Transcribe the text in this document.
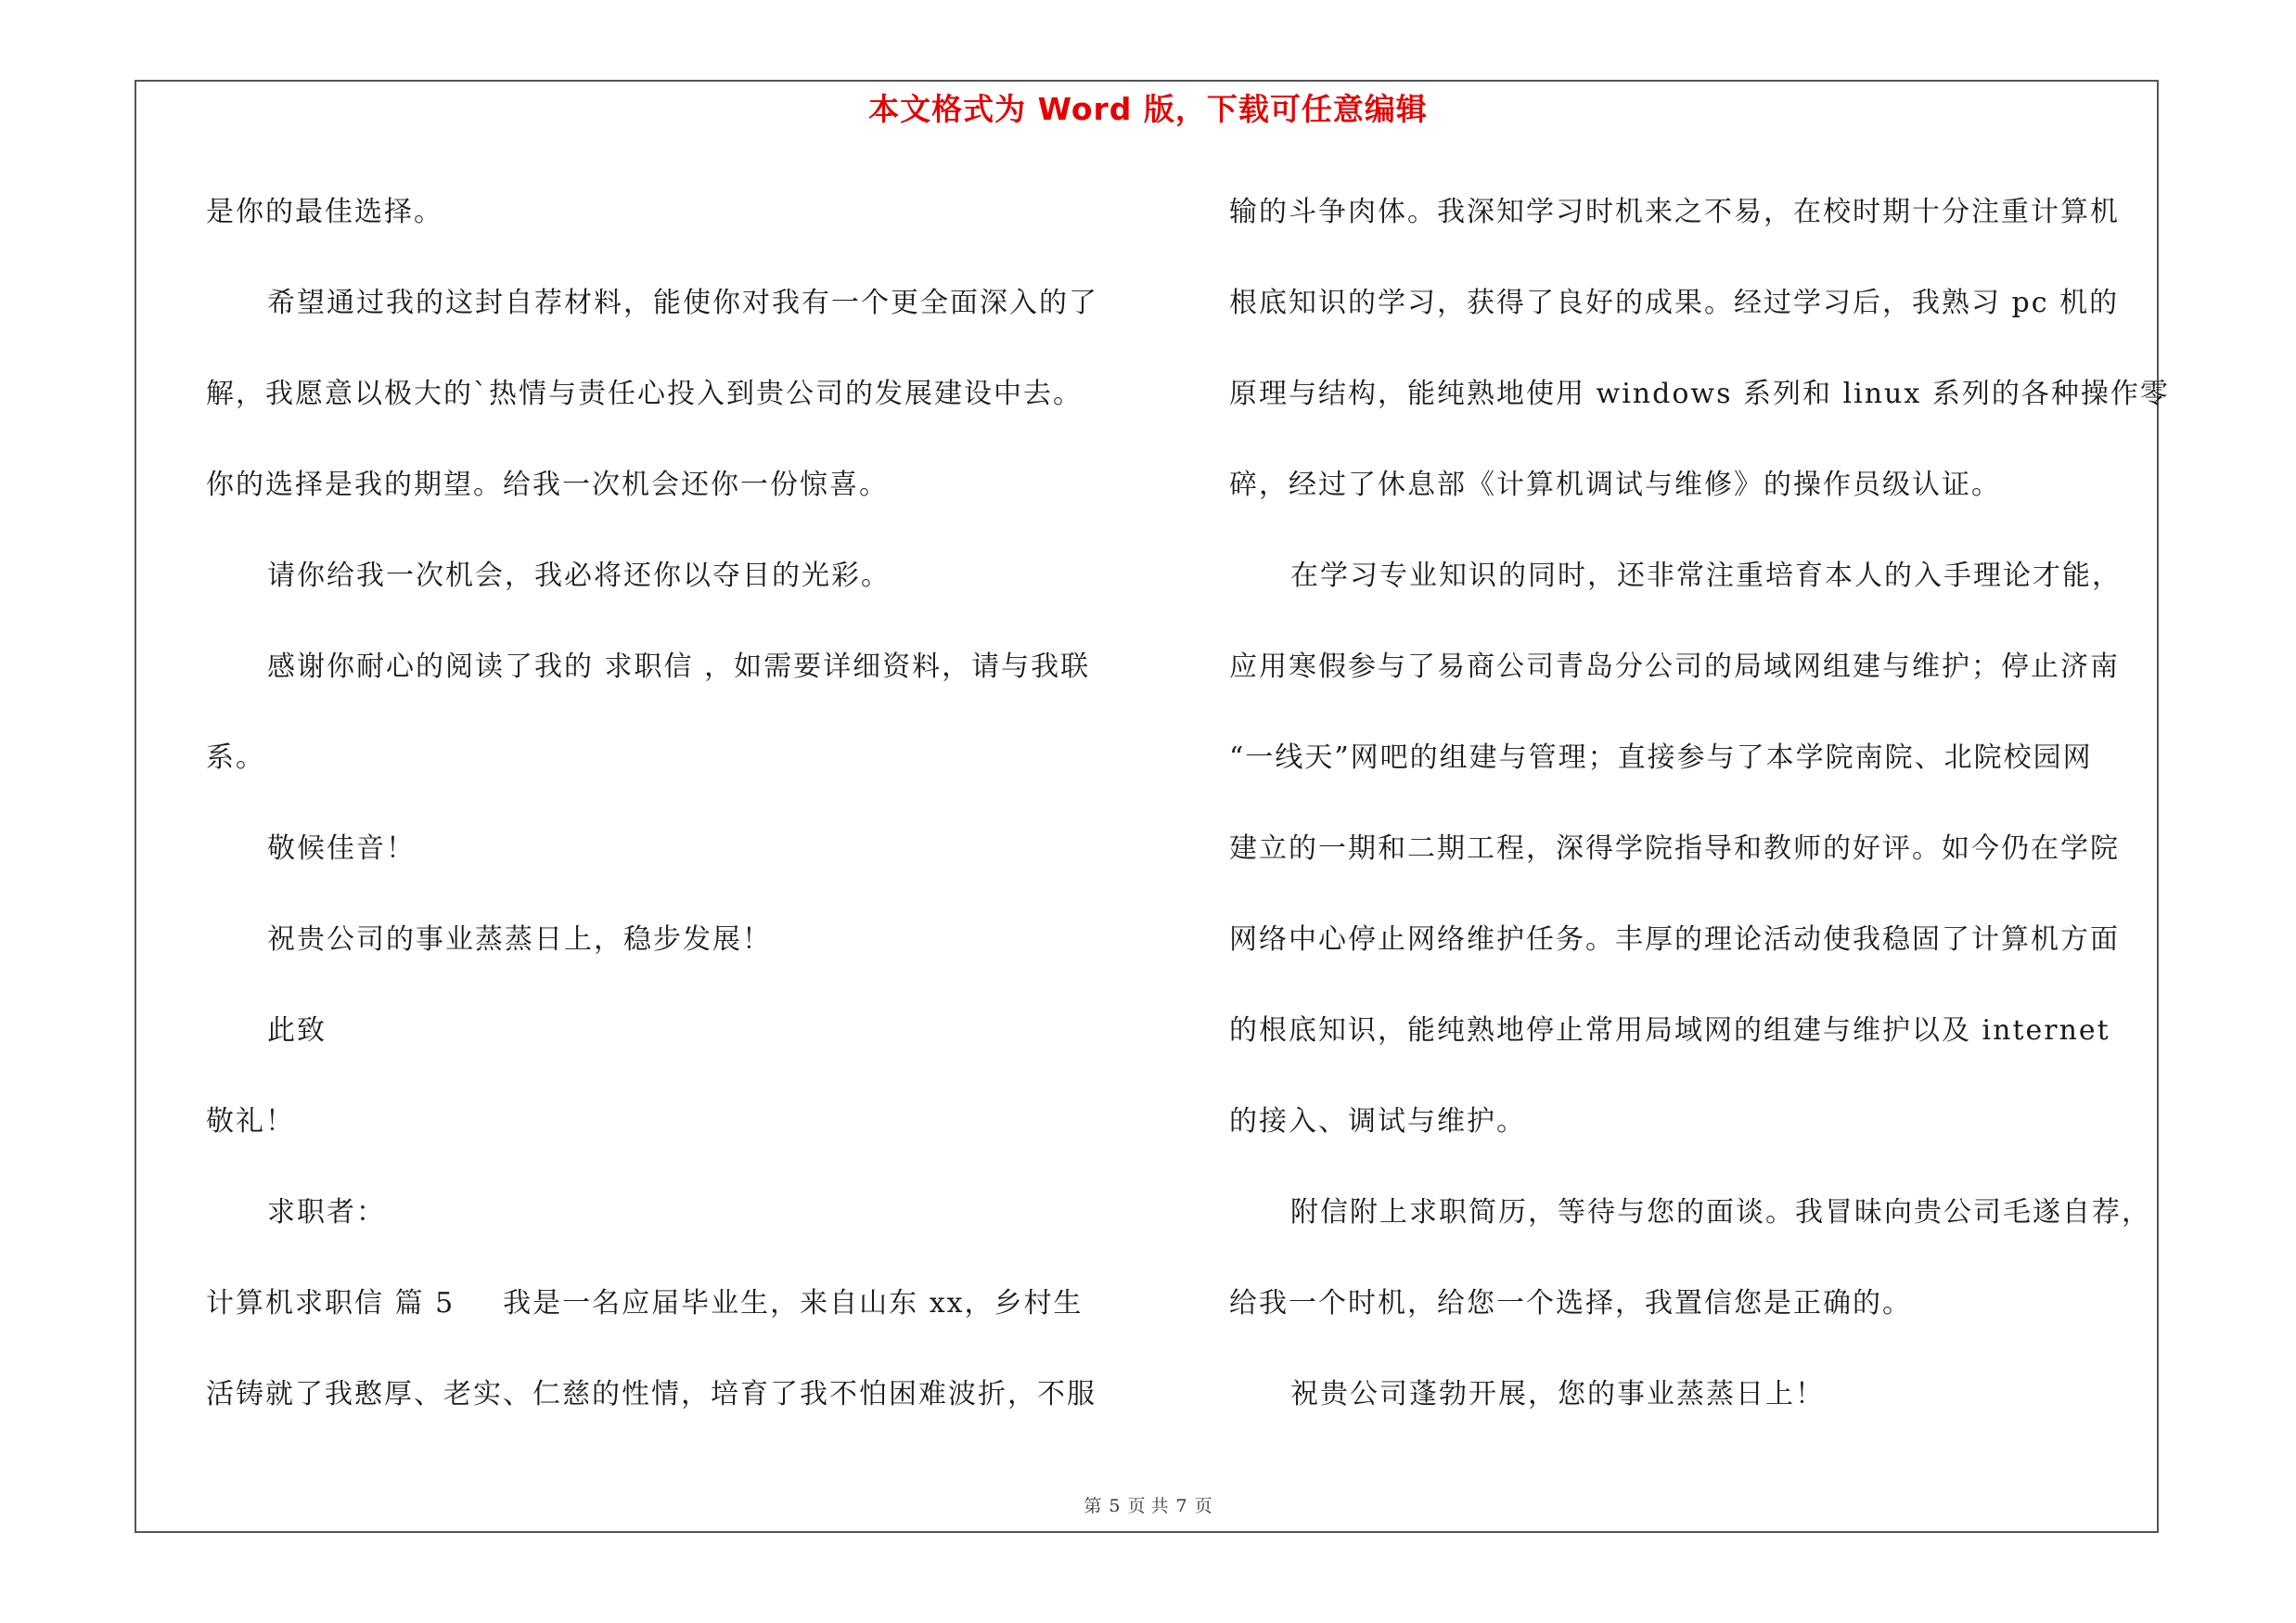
本文格式为 Word 版，下载可任意编辑
是你的最佳选择。
希望通过我的这封自荐材料，能使你对我有一个更全面深入的了
解，我愿意以极大的`热情与责任心投入到贵公司的发展建设中去。
你的选择是我的期望。给我一次机会还你一份惊喜。
请你给我一次机会，我必将还你以夺目的光彩。
感谢你耐心的阅读了我的 求职信 ，如需要详细资料，请与我联
系。
敬候佳音！
祝贵公司的事业蒸蒸日上，稳步发展！
此致
敬礼！
求职者：
计算机求职信 篇 5 我是一名应届毕业生，来自山东 xx，乡村生
活铸就了我憨厚、老实、仁慈的性情，培育了我不怕困难波折，不服
输的斗争肉体。我深知学习时机来之不易，在校时期十分注重计算机
根底知识的学习，获得了良好的成果。经过学习后，我熟习 pc 机的
原理与结构，能纯熟地使用 windows 系列和 linux 系列的各种操作零
碎，经过了休息部《计算机调试与维修》的操作员级认证。
在学习专业知识的同时，还非常注重培育本人的入手理论才能，
应用寒假参与了易商公司青岛分公司的局域网组建与维护；停止济南
“一线天”网吧的组建与管理；直接参与了本学院南院、北院校园网
建立的一期和二期工程，深得学院指导和教师的好评。如今仍在学院
网络中心停止网络维护任务。丰厚的理论活动使我稳固了计算机方面
的根底知识，能纯熟地停止常用局域网的组建与维护以及 internet
的接入、调试与维护。
附信附上求职简历，等待与您的面谈。我冒昧向贵公司毛遂自荐，
给我一个时机，给您一个选择，我置信您是正确的。
祝贵公司蓬勃开展，您的事业蒸蒸日上！
第 5 页 共 7 页
